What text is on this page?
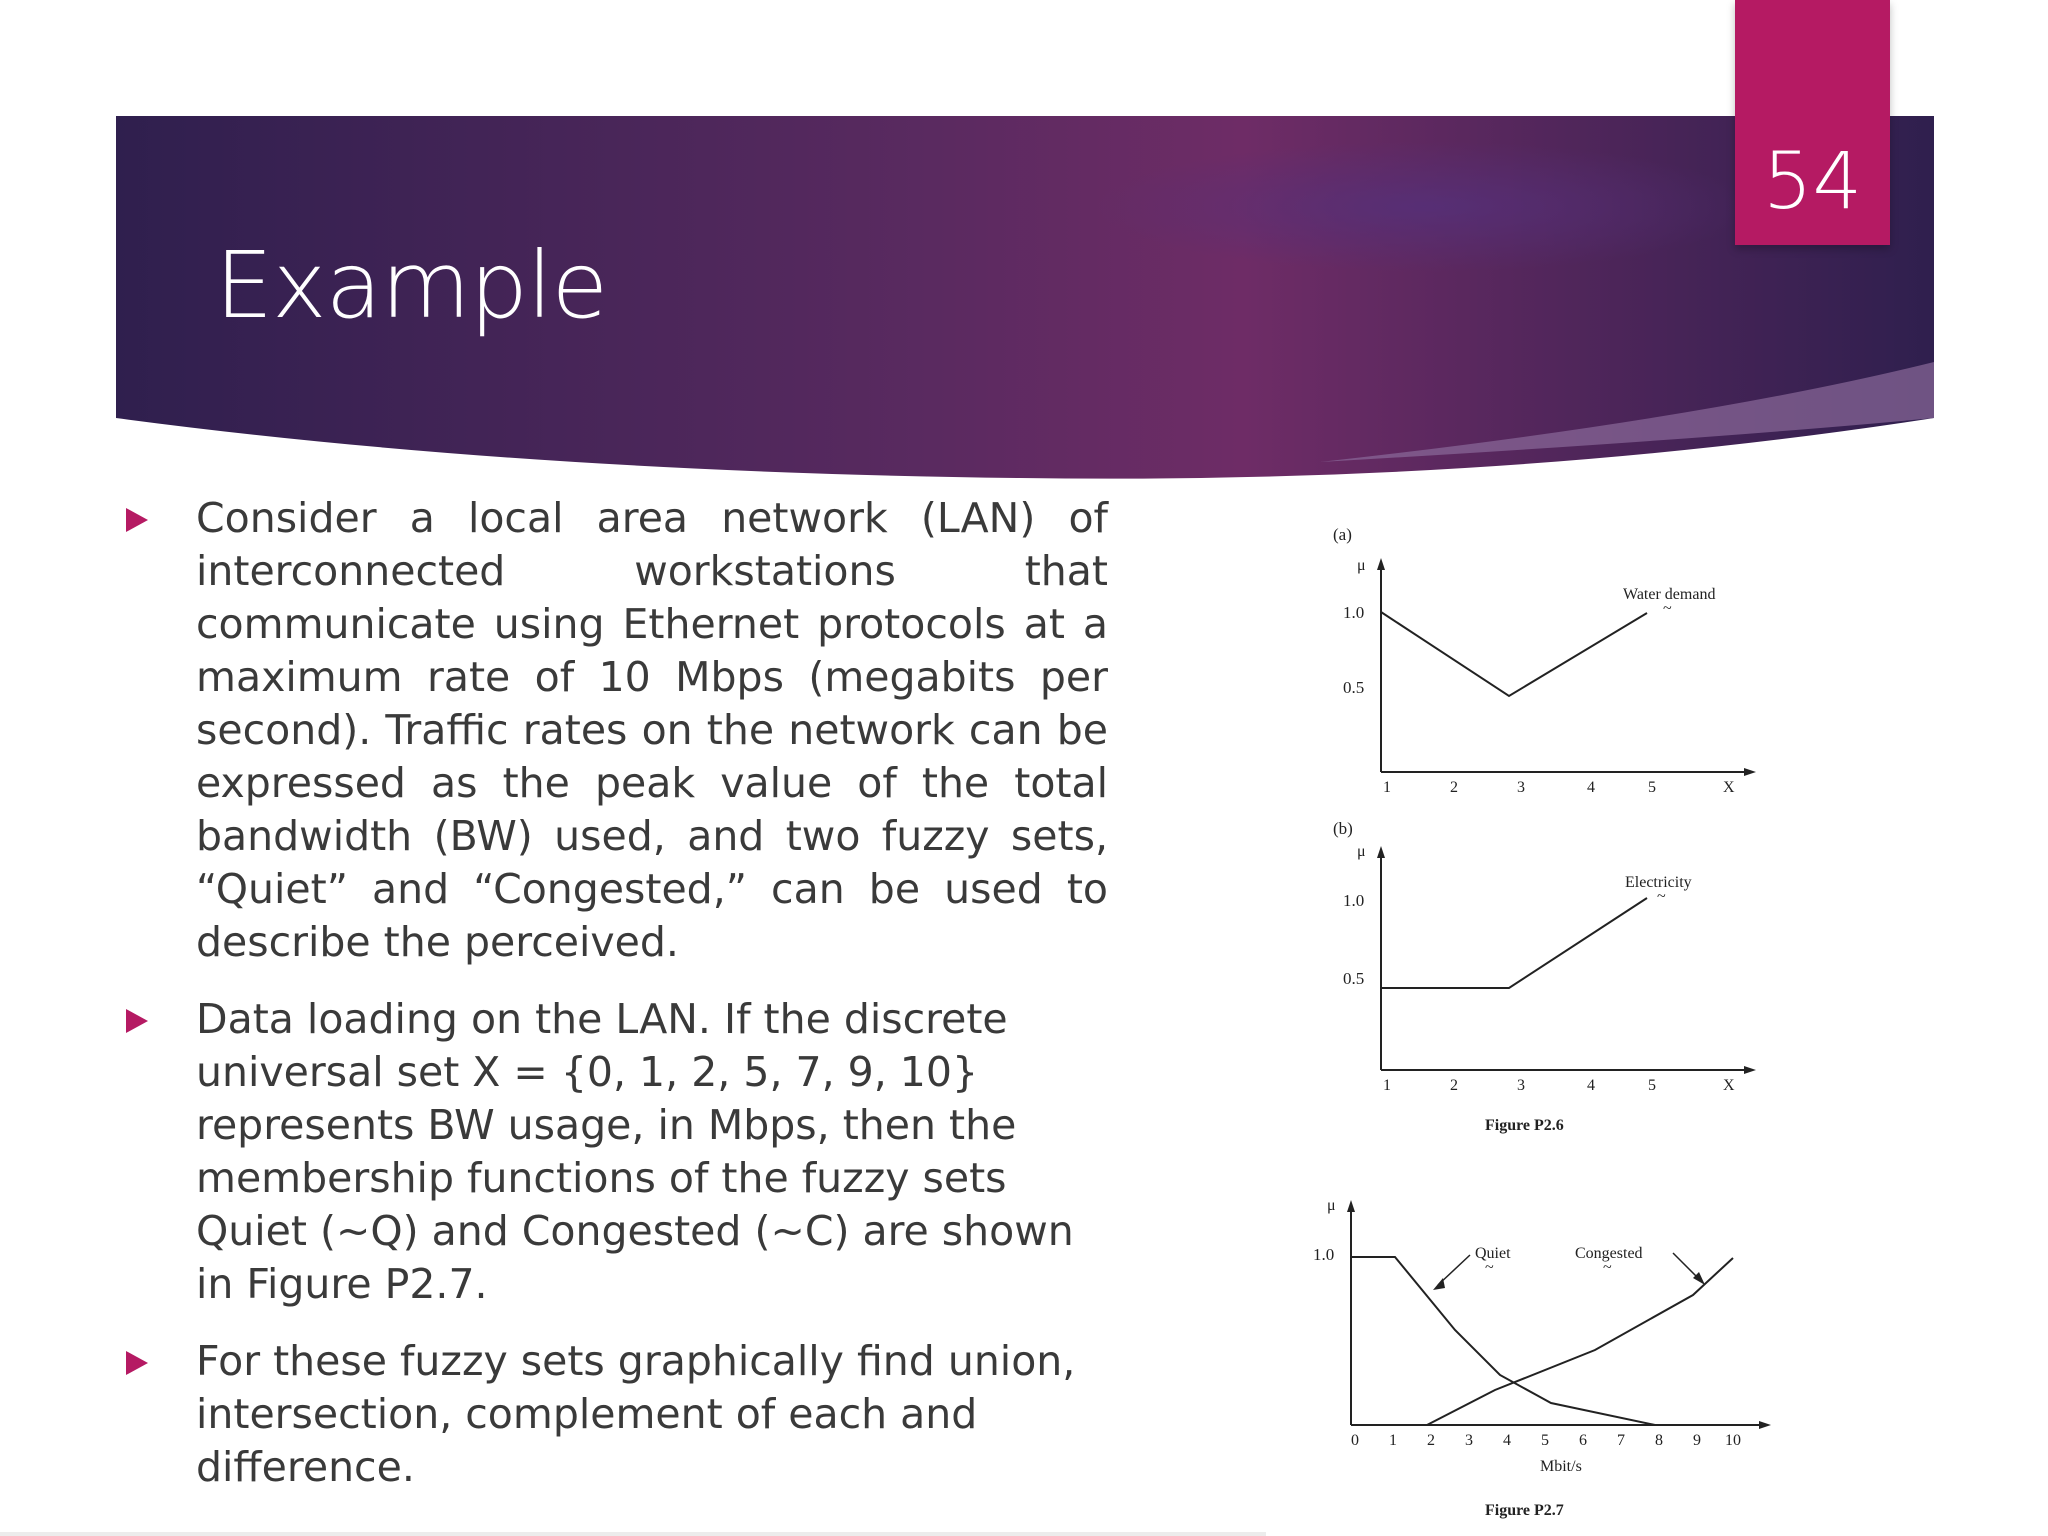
54
Example
Consider a local area network (LAN) of interconnected workstations that communicate using Ethernet protocols at a maximum rate of 10 Mbps (megabits per second). Traffic rates on the network can be expressed as the peak value of the total bandwidth (BW) used, and two fuzzy sets, “Quiet” and “Congested,” can be used to describe the perceived.
Data loading on the LAN. If the discrete universal set X = {0, 1, 2, 5, 7, 9, 10} represents BW usage, in Mbps, then the membership functions of the fuzzy sets Quiet (~Q) and Congested (~C) are shown in Figure P2.7.
For these fuzzy sets graphically find union, intersection, complement of each and difference.
(a)
μ
1.0
0.5
1	2	3	4	5	X
Water demand
~
(b)
μ
1.0
0.5
1	2	3	4	5	X
Electricity
~
Figure P2.6
μ
1.0
0 1 2 3 4 5 6 7 8 9 10
Mbit/s
Quiet
~
Congested
~
Figure P2.7
